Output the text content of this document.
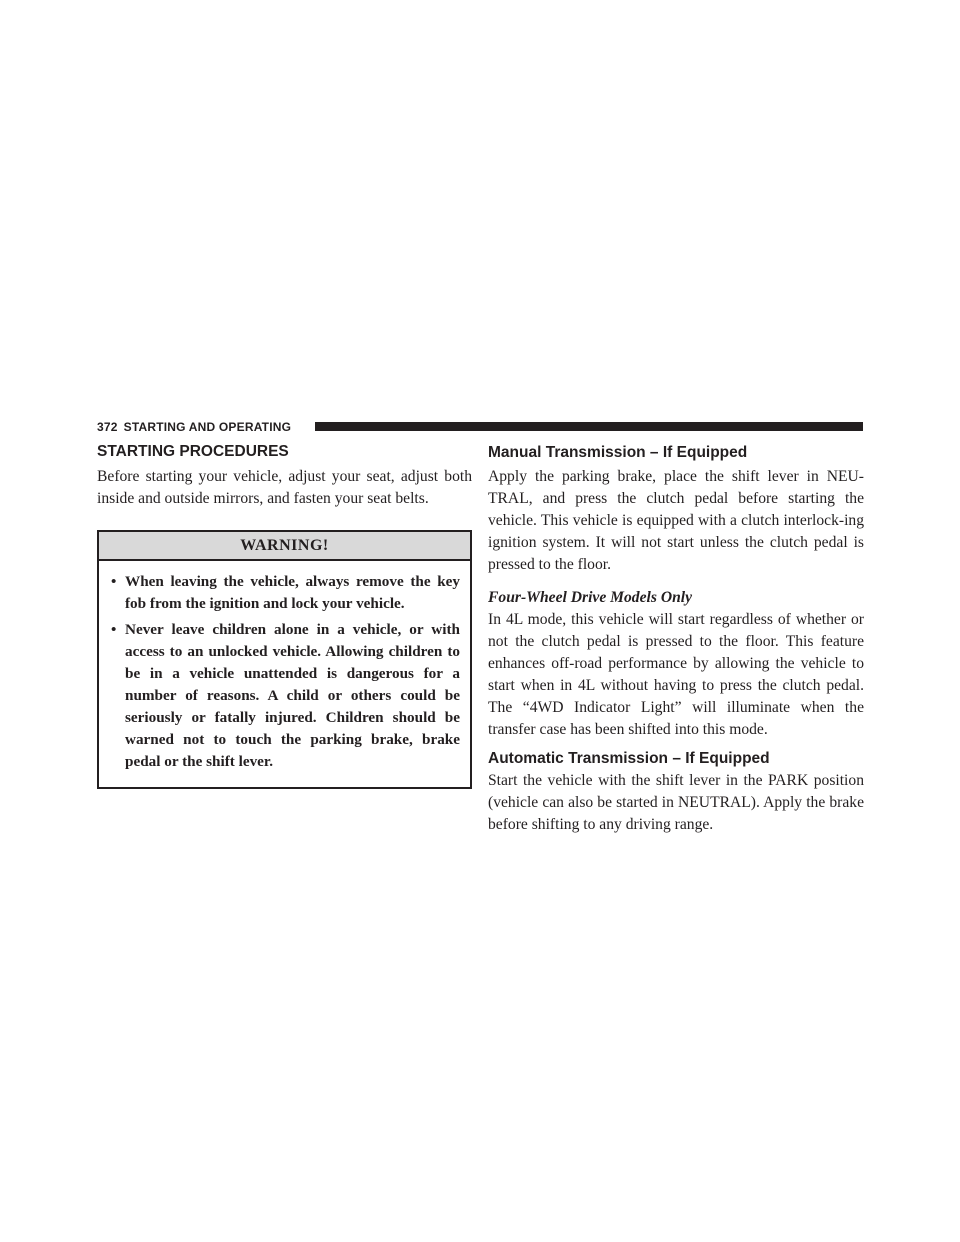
372 STARTING AND OPERATING
STARTING PROCEDURES

Before starting your vehicle, adjust your seat, adjust both inside and outside mirrors, and fasten your seat belts.

WARNING!
• When leaving the vehicle, always remove the key fob from the ignition and lock your vehicle.
• Never leave children alone in a vehicle, or with access to an unlocked vehicle. Allowing children to be in a vehicle unattended is dangerous for a number of reasons. A child or others could be seriously or fatally injured. Children should be warned not to touch the parking brake, brake pedal or the shift lever.
Manual Transmission – If Equipped

Apply the parking brake, place the shift lever in NEU-TRAL, and press the clutch pedal before starting the vehicle. This vehicle is equipped with a clutch interlock-ing ignition system. It will not start unless the clutch pedal is pressed to the floor.

Four-Wheel Drive Models Only

In 4L mode, this vehicle will start regardless of whether or not the clutch pedal is pressed to the floor. This feature enhances off-road performance by allowing the vehicle to start when in 4L without having to press the clutch pedal. The “4WD Indicator Light” will illuminate when the transfer case has been shifted into this mode.

Automatic Transmission – If Equipped

Start the vehicle with the shift lever in the PARK position (vehicle can also be started in NEUTRAL). Apply the brake before shifting to any driving range.
